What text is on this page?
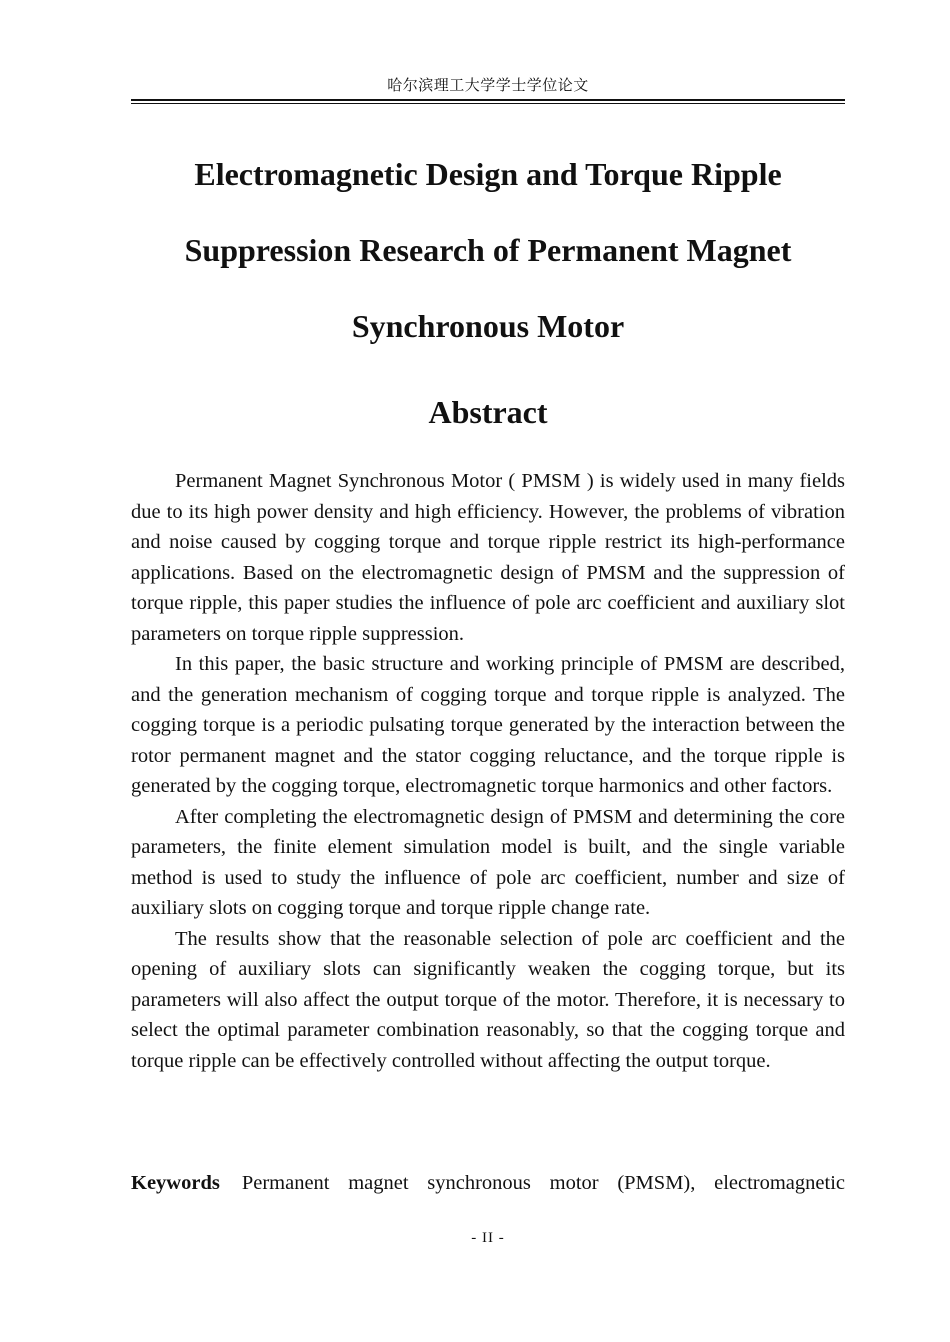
哈尔滨理工大学学士学位论文
Electromagnetic Design and Torque Ripple
Suppression Research of Permanent Magnet
Synchronous Motor
Abstract

Permanent Magnet Synchronous Motor ( PMSM ) is widely used in many fields due to its high power density and high efficiency. However, the problems of vibration and noise caused by cogging torque and torque ripple restrict its high-performance applications. Based on the electromagnetic design of PMSM and the suppression of torque ripple, this paper studies the influence of pole arc coefficient and auxiliary slot parameters on torque ripple suppression.

In this paper, the basic structure and working principle of PMSM are described, and the generation mechanism of cogging torque and torque ripple is analyzed. The cogging torque is a periodic pulsating torque generated by the interaction between the rotor permanent magnet and the stator cogging reluctance, and the torque ripple is generated by the cogging torque, electromagnetic torque harmonics and other factors.

After completing the electromagnetic design of PMSM and determining the core parameters, the finite element simulation model is built, and the single variable method is used to study the influence of pole arc coefficient, number and size of auxiliary slots on cogging torque and torque ripple change rate.

The results show that the reasonable selection of pole arc coefficient and the opening of auxiliary slots can significantly weaken the cogging torque, but its parameters will also affect the output torque of the motor. Therefore, it is necessary to select the optimal parameter combination reasonably, so that the cogging torque and torque ripple can be effectively controlled without affecting the output torque.

Keywords Permanent magnet synchronous motor (PMSM), electromagnetic

- II -
